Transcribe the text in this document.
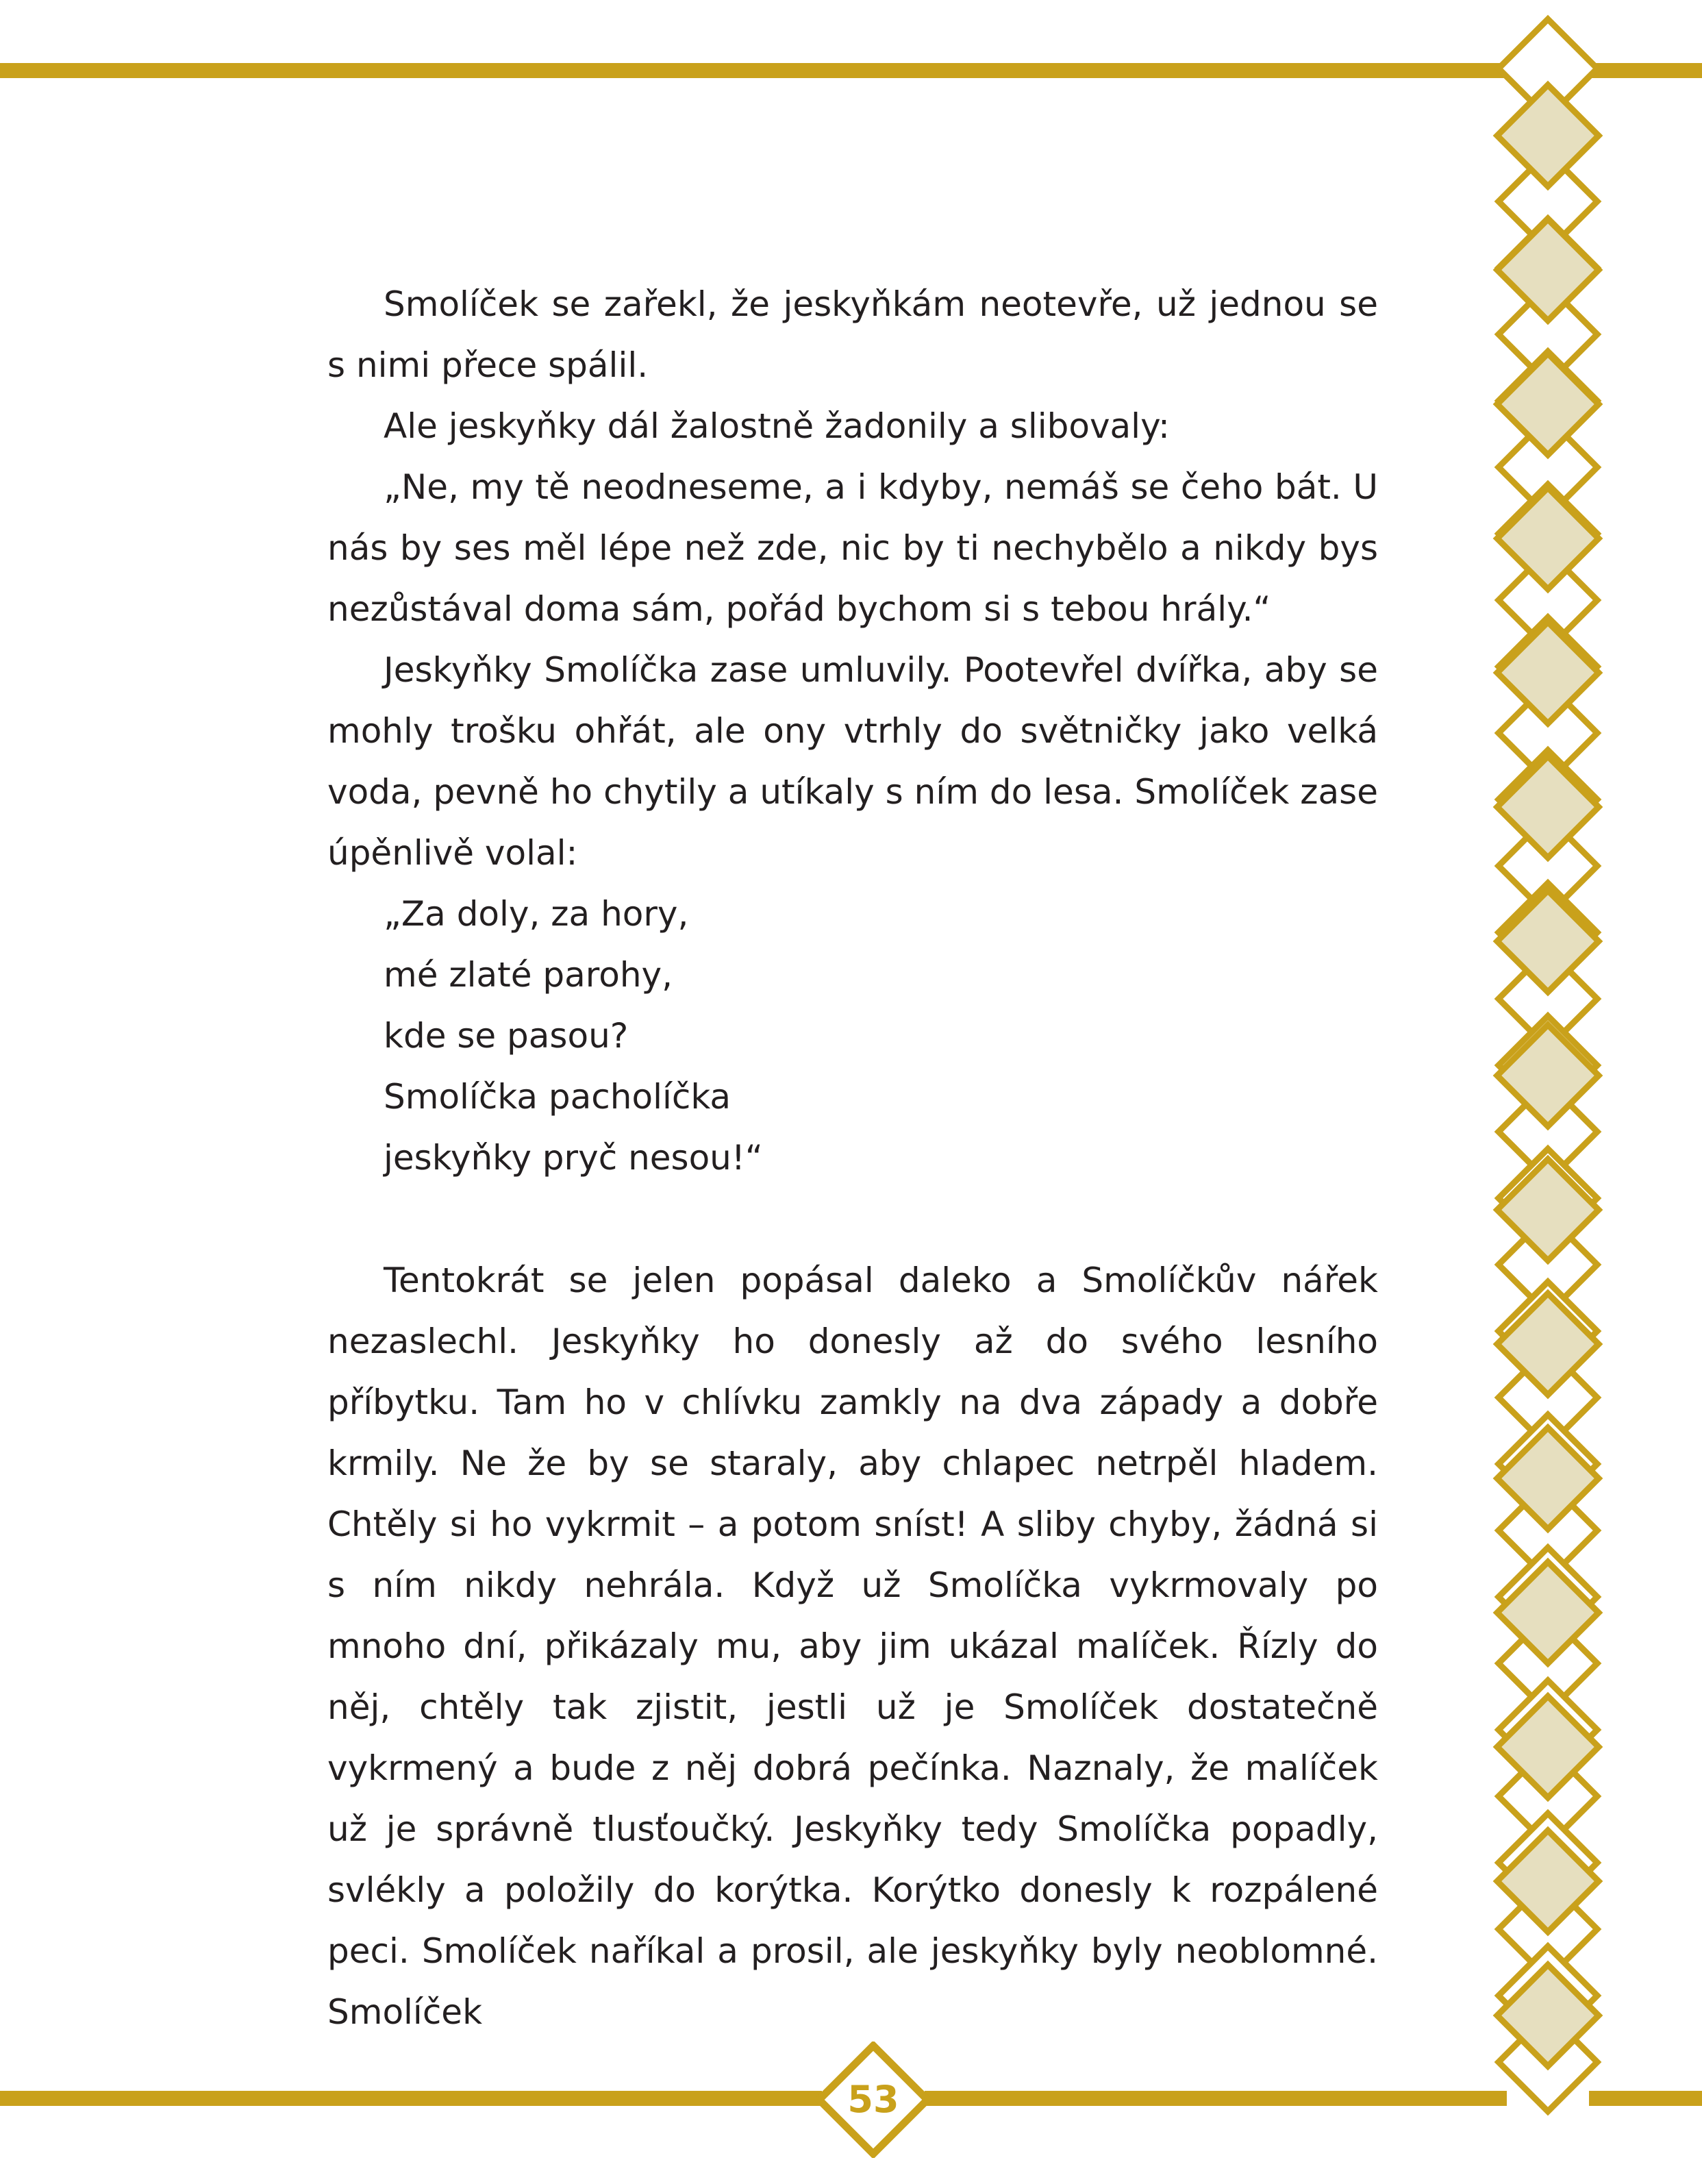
Smolíček se zařekl, že jeskyňkám neotevře, už jednou se s nimi přece spálil.

Ale jeskyňky dál žalostně žadonily a slibovaly:

„Ne, my tě neodneseme, a i kdyby, nemáš se čeho bát. U nás by ses měl lépe než zde, nic by ti nechybělo a nikdy bys nezůstával doma sám, pořád bychom si s tebou hrály.“

Jeskyňky Smolíčka zase umluvily. Pootevřel dvířka, aby se mohly trošku ohřát, ale ony vtrhly do světničky jako velká voda, pevně ho chytily a utíkaly s ním do lesa. Smolíček zase úpěnlivě volal:

„Za doly, za hory,

mé zlaté parohy,

kde se pasou?

Smolíčka pacholíčka

jeskyňky pryč nesou!“

Tentokrát se jelen popásal daleko a Smolíčkův nářek nezaslechl. Jeskyňky ho donesly až do svého lesního příbytku. Tam ho v chlívku zamkly na dva západy a dobře krmily. Ne že by se staraly, aby chlapec netrpěl hladem. Chtěly si ho vykrmit – a potom sníst! A sliby chyby, žádná si s ním nikdy nehrála. Když už Smolíčka vykrmovaly po mnoho dní, přikázaly mu, aby jim ukázal malíček. Řízly do něj, chtěly tak zjistit, jestli už je Smolíček dostatečně vykrmený a bude z něj dobrá pečínka. Naznaly, že malíček už je správně tlusťoučký. Jeskyňky tedy Smolíčka popadly, svlékly a položily do korýtka. Korýtko donesly k rozpálené peci. Smolíček naříkal a prosil, ale jeskyňky byly neoblomné. Smolíček

53
